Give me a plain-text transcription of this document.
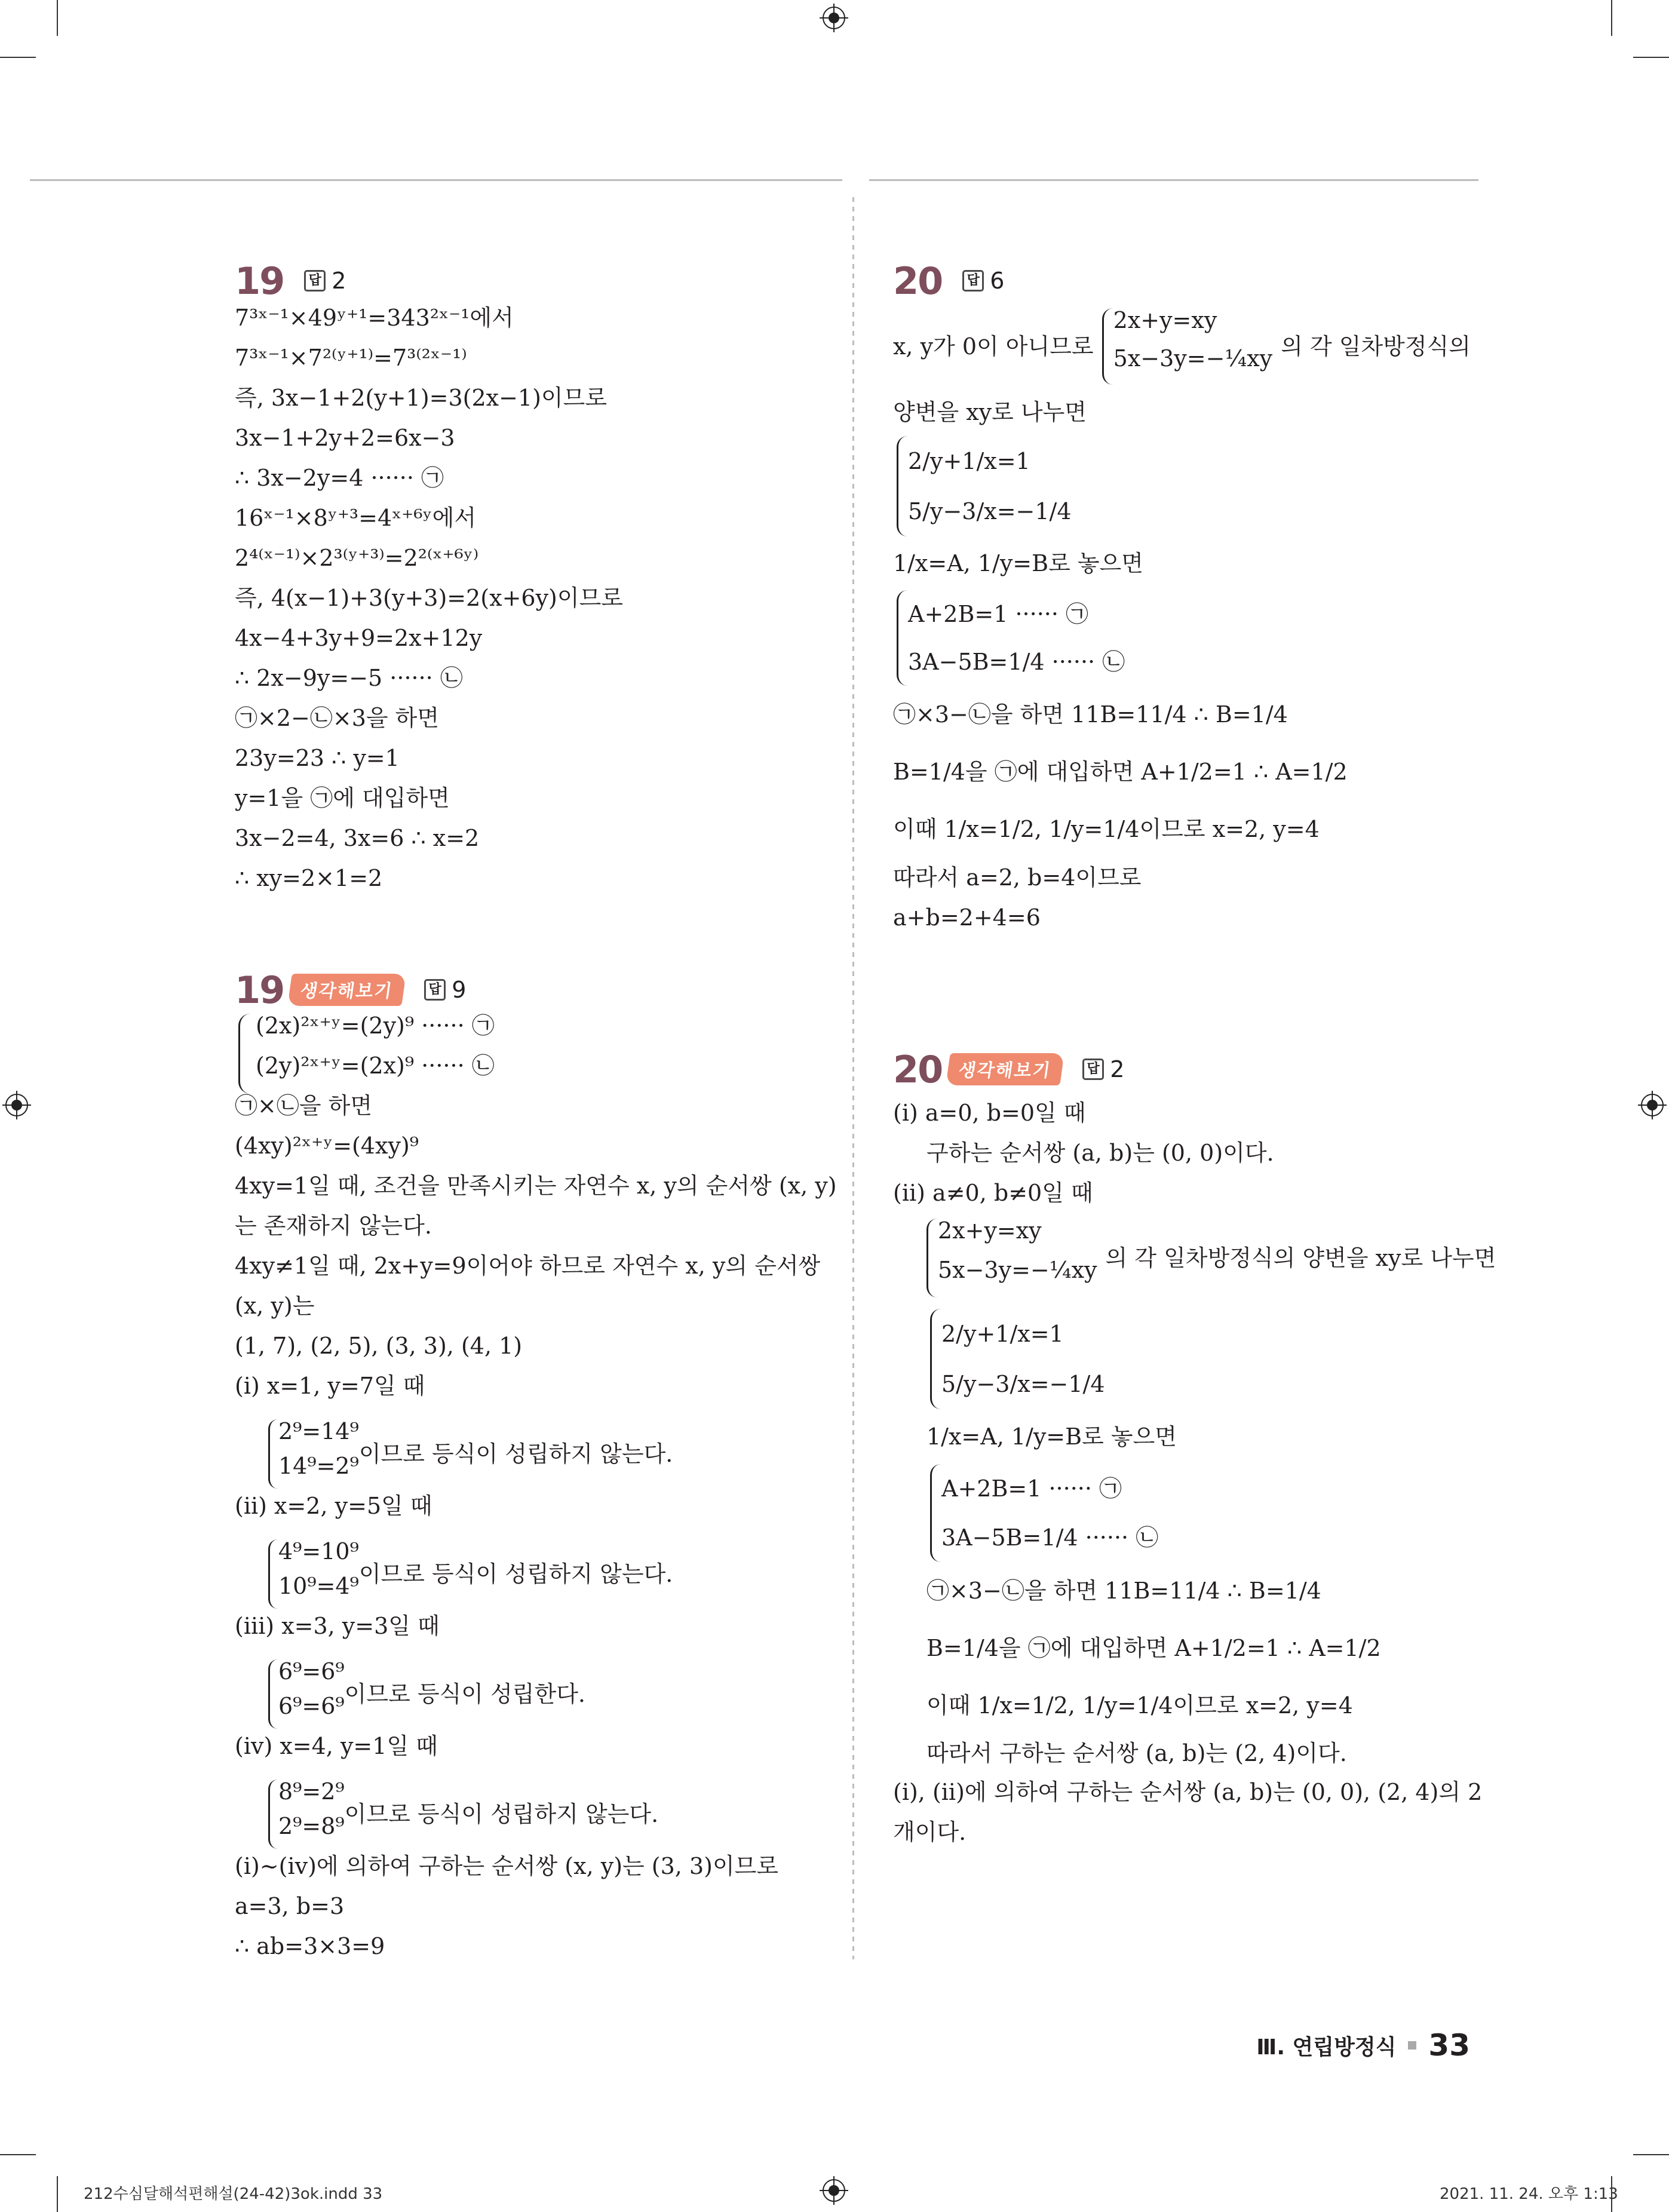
19	답 2
7³ˣ⁻¹×49ʸ⁺¹=343²ˣ⁻¹에서
7³ˣ⁻¹×7²⁽ʸ⁺¹⁾=7³⁽²ˣ⁻¹⁾
즉, 3x−1+2(y+1)=3(2x−1)이므로
3x−1+2y+2=6x−3
∴ 3x−2y=4 ······ ㉠
16ˣ⁻¹×8ʸ⁺³=4ˣ⁺⁶ʸ에서
2⁴⁽ˣ⁻¹⁾×2³⁽ʸ⁺³⁾=2²⁽ˣ⁺⁶ʸ⁾
즉, 4(x−1)+3(y+3)=2(x+6y)이므로
4x−4+3y+9=2x+12y
∴ 2x−9y=−5 ······ ㉡
㉠×2−㉡×3을 하면
23y=23 ∴ y=1
y=1을 ㉠에 대입하면
3x−2=4, 3x=6 ∴ x=2
∴ xy=2×1=2
19 생각해보기	답 9
(2x)²ˣ⁺ʸ=(2y)⁹ ······ ㉠
(2y)²ˣ⁺ʸ=(2x)⁹ ······ ㉡
㉠×㉡을 하면
(4xy)²ˣ⁺ʸ=(4xy)⁹
4xy=1일 때, 조건을 만족시키는 자연수 x, y의 순서쌍 (x, y)
는 존재하지 않는다.
4xy≠1일 때, 2x+y=9이어야 하므로 자연수 x, y의 순서쌍
(x, y)는
(1, 7), (2, 5), (3, 3), (4, 1)
(ⅰ) x=1, y=7일 때
2⁹=14⁹
14⁹=2⁹ 이므로 등식이 성립하지 않는다.
(ⅱ) x=2, y=5일 때
4⁹=10⁹
10⁹=4⁹ 이므로 등식이 성립하지 않는다.
(ⅲ) x=3, y=3일 때
6⁹=6⁹
6⁹=6⁹ 이므로 등식이 성립한다.
(ⅳ) x=4, y=1일 때
8⁹=2⁹
2⁹=8⁹ 이므로 등식이 성립하지 않는다.
(ⅰ)~(ⅳ)에 의하여 구하는 순서쌍 (x, y)는 (3, 3)이므로
a=3, b=3
∴ ab=3×3=9
20	답 6
x, y가 0이 아니므로
2x+y=xy
5x−3y=−¼xy 의 각 일차방정식의
양변을 xy로 나누면
2/y+1/x=1
5/y−3/x=−1/4
1/x=A, 1/y=B로 놓으면
A+2B=1 ······ ㉠
3A−5B=1/4 ······ ㉡
㉠×3−㉡을 하면 11B=11/4 ∴ B=1/4
B=1/4을 ㉠에 대입하면 A+1/2=1 ∴ A=1/2
이때 1/x=1/2, 1/y=1/4이므로 x=2, y=4
따라서 a=2, b=4이므로
a+b=2+4=6
20 생각해보기	답 2
(ⅰ) a=0, b=0일 때
구하는 순서쌍 (a, b)는 (0, 0)이다.
(ⅱ) a≠0, b≠0일 때
2x+y=xy
5x−3y=−¼xy 의 각 일차방정식의 양변을 xy로 나누면
2/y+1/x=1
5/y−3/x=−1/4
1/x=A, 1/y=B로 놓으면
A+2B=1 ······ ㉠
3A−5B=1/4 ······ ㉡
㉠×3−㉡을 하면 11B=11/4 ∴ B=1/4
B=1/4을 ㉠에 대입하면 A+1/2=1 ∴ A=1/2
이때 1/x=1/2, 1/y=1/4이므로 x=2, y=4
따라서 구하는 순서쌍 (a, b)는 (2, 4)이다.
(ⅰ), (ⅱ)에 의하여 구하는 순서쌍 (a, b)는 (0, 0), (2, 4)의 2
개이다.
Ⅲ. 연립방정식 33
212수심달해석편해설(24-42)3ok.indd 33	2021. 11. 24. 오후 1:13
